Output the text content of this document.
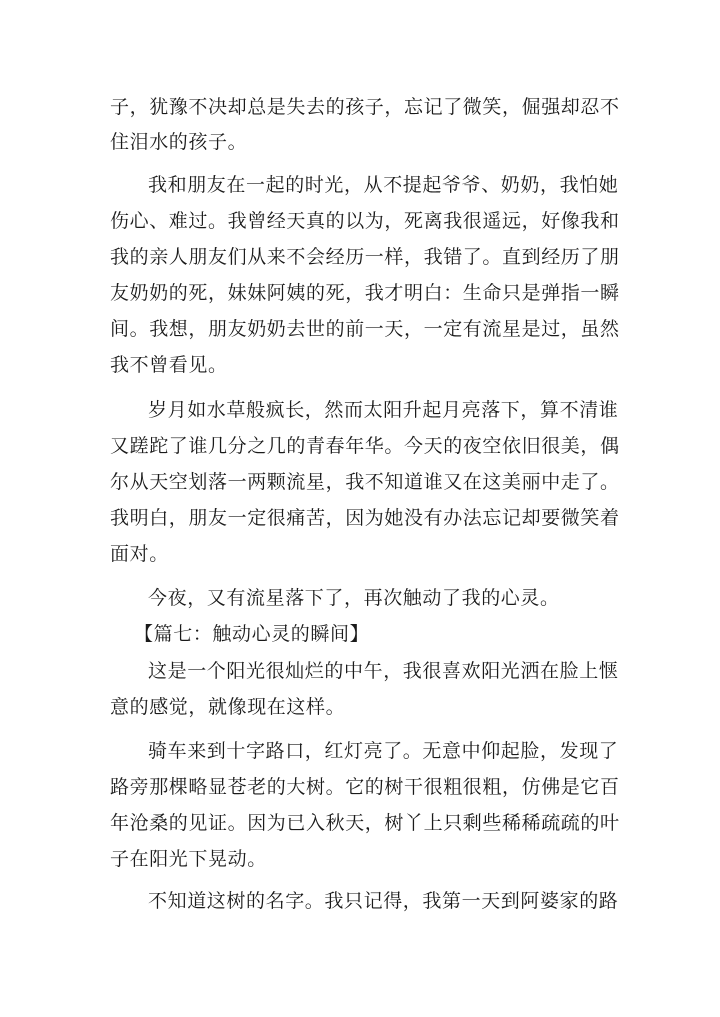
子，犹豫不决却总是失去的孩子，忘记了微笑，倔强却忍不
住泪水的孩子。
我和朋友在一起的时光，从不提起爷爷、奶奶，我怕她
伤心、难过。我曾经天真的以为，死离我很遥远，好像我和
我的亲人朋友们从来不会经历一样，我错了。直到经历了朋
友奶奶的死，妹妹阿姨的死，我才明白：生命只是弹指一瞬
间。我想，朋友奶奶去世的前一天，一定有流星是过，虽然
我不曾看见。
岁月如水草般疯长，然而太阳升起月亮落下，算不清谁
又蹉跎了谁几分之几的青春年华。今天的夜空依旧很美，偶
尔从天空划落一两颗流星，我不知道谁又在这美丽中走了。
我明白，朋友一定很痛苦，因为她没有办法忘记却要微笑着
面对。
今夜，又有流星落下了，再次触动了我的心灵。
【篇七：触动心灵的瞬间】
这是一个阳光很灿烂的中午，我很喜欢阳光洒在脸上惬
意的感觉，就像现在这样。
骑车来到十字路口，红灯亮了。无意中仰起脸，发现了
路旁那棵略显苍老的大树。它的树干很粗很粗，仿佛是它百
年沧桑的见证。因为已入秋天，树丫上只剩些稀稀疏疏的叶
子在阳光下晃动。
不知道这树的名字。我只记得，我第一天到阿婆家的路
